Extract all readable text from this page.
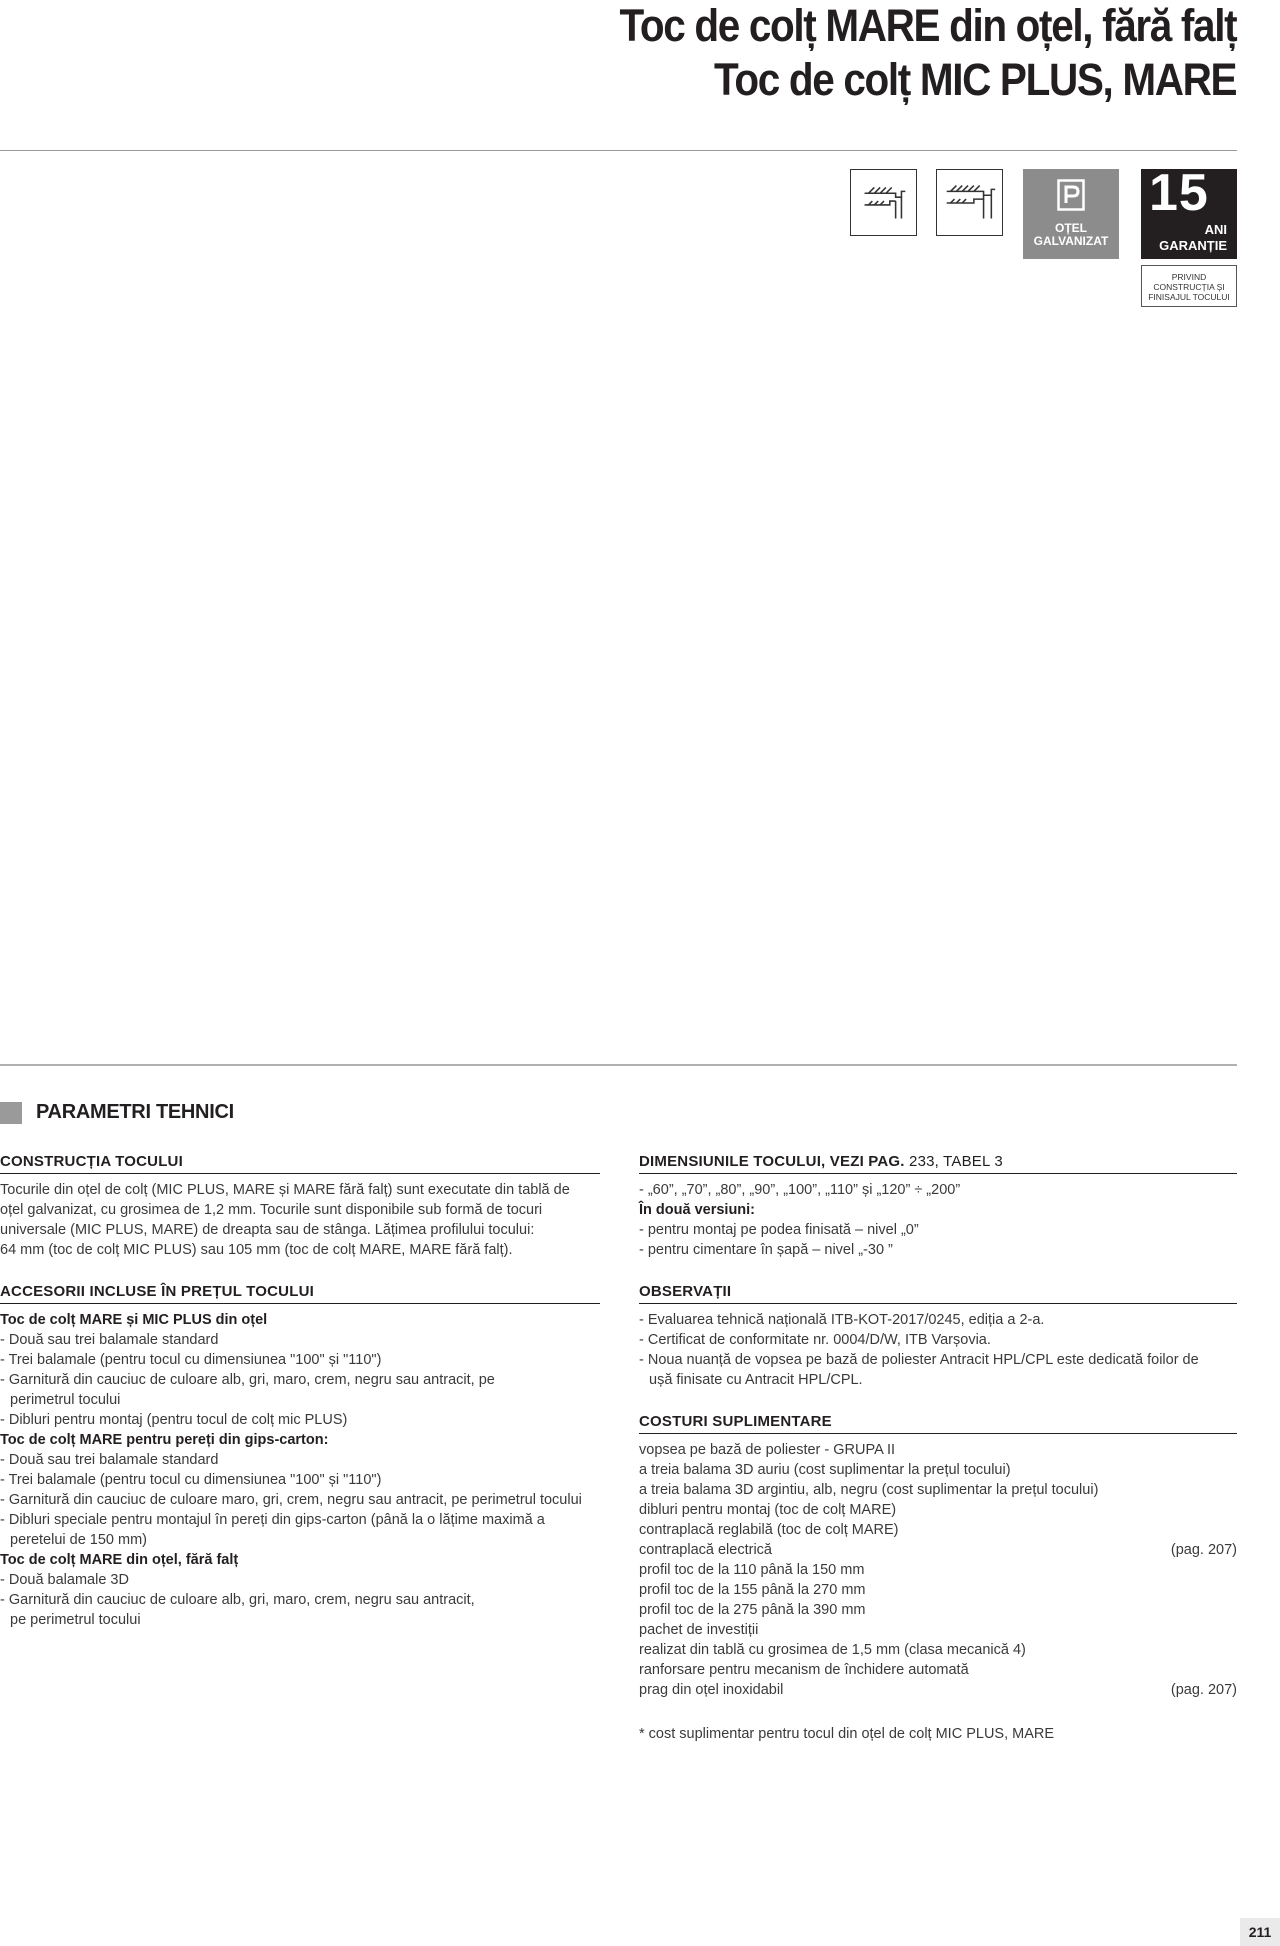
Toc de colț MARE din oțel, fără falț
Toc de colț MIC PLUS, MARE
OȚEL
GALVANIZAT
15
ANI
GARANȚIE
PRIVIND
CONSTRUCȚIA ȘI
FINISAJUL TOCULUI
PARAMETRI TEHNICI
CONSTRUCȚIA TOCULUI

Tocurile din oțel de colț (MIC PLUS, MARE și MARE fără falț) sunt executate din tablă de

oțel galvanizat, cu grosimea de 1,2 mm. Tocurile sunt disponibile sub formă de tocuri

universale (MIC PLUS, MARE) de dreapta sau de stânga. Lățimea profilului tocului:

64 mm (toc de colț MIC PLUS) sau 105 mm (toc de colț MARE, MARE fără falț).

ACCESORII INCLUSE ÎN PREȚUL TOCULUI

Toc de colț MARE și MIC PLUS din oțel

- Două sau trei balamale standard

- Trei balamale (pentru tocul cu dimensiunea "100" și "110")

- Garnitură din cauciuc de culoare alb, gri, maro, crem, negru sau antracit, pe

perimetrul tocului

- Dibluri pentru montaj (pentru tocul de colț mic PLUS)

Toc de colț MARE pentru pereți din gips-carton:

- Două sau trei balamale standard

- Trei balamale (pentru tocul cu dimensiunea "100" și "110")

- Garnitură din cauciuc de culoare maro, gri, crem, negru sau antracit, pe perimetrul tocului

- Dibluri speciale pentru montajul în pereți din gips-carton (până la o lățime maximă a

peretelui de 150 mm)

Toc de colț MARE din oțel, fără falț

- Două balamale 3D

- Garnitură din cauciuc de culoare alb, gri, maro, crem, negru sau antracit,

pe perimetrul tocului

DIMENSIUNILE TOCULUI, VEZI PAG. 233, TABEL 3

- „60”, „70”, „80”, „90”, „100”, „110” și „120” ÷ „200”

În două versiuni:

- pentru montaj pe podea finisată – nivel „0”

- pentru cimentare în șapă – nivel „-30 ”

OBSERVAȚII

- Evaluarea tehnică națională ITB-KOT-2017/0245, ediția a 2-a.

- Certificat de conformitate nr. 0004/D/W, ITB Varșovia.

- Noua nuanță de vopsea pe bază de poliester Antracit HPL/CPL este dedicată foilor de

ușă finisate cu Antracit HPL/CPL.

COSTURI SUPLIMENTARE
vopsea pe bază de poliester - GRUPA II
a treia balama 3D auriu (cost suplimentar la prețul tocului)
a treia balama 3D argintiu, alb, negru (cost suplimentar la prețul tocului)
dibluri pentru montaj (toc de colț MARE)
contraplacă reglabilă (toc de colț MARE)
contraplacă electrică	(pag. 207)
profil toc de la 110 până la 150 mm
profil toc de la 155 până la 270 mm
profil toc de la 275 până la 390 mm
pachet de investiții
realizat din tablă cu grosimea de 1,5 mm (clasa mecanică 4)
ranforsare pentru mecanism de închidere automată
prag din oțel inoxidabil	(pag. 207)

* cost suplimentar pentru tocul din oțel de colț MIC PLUS, MARE

211
